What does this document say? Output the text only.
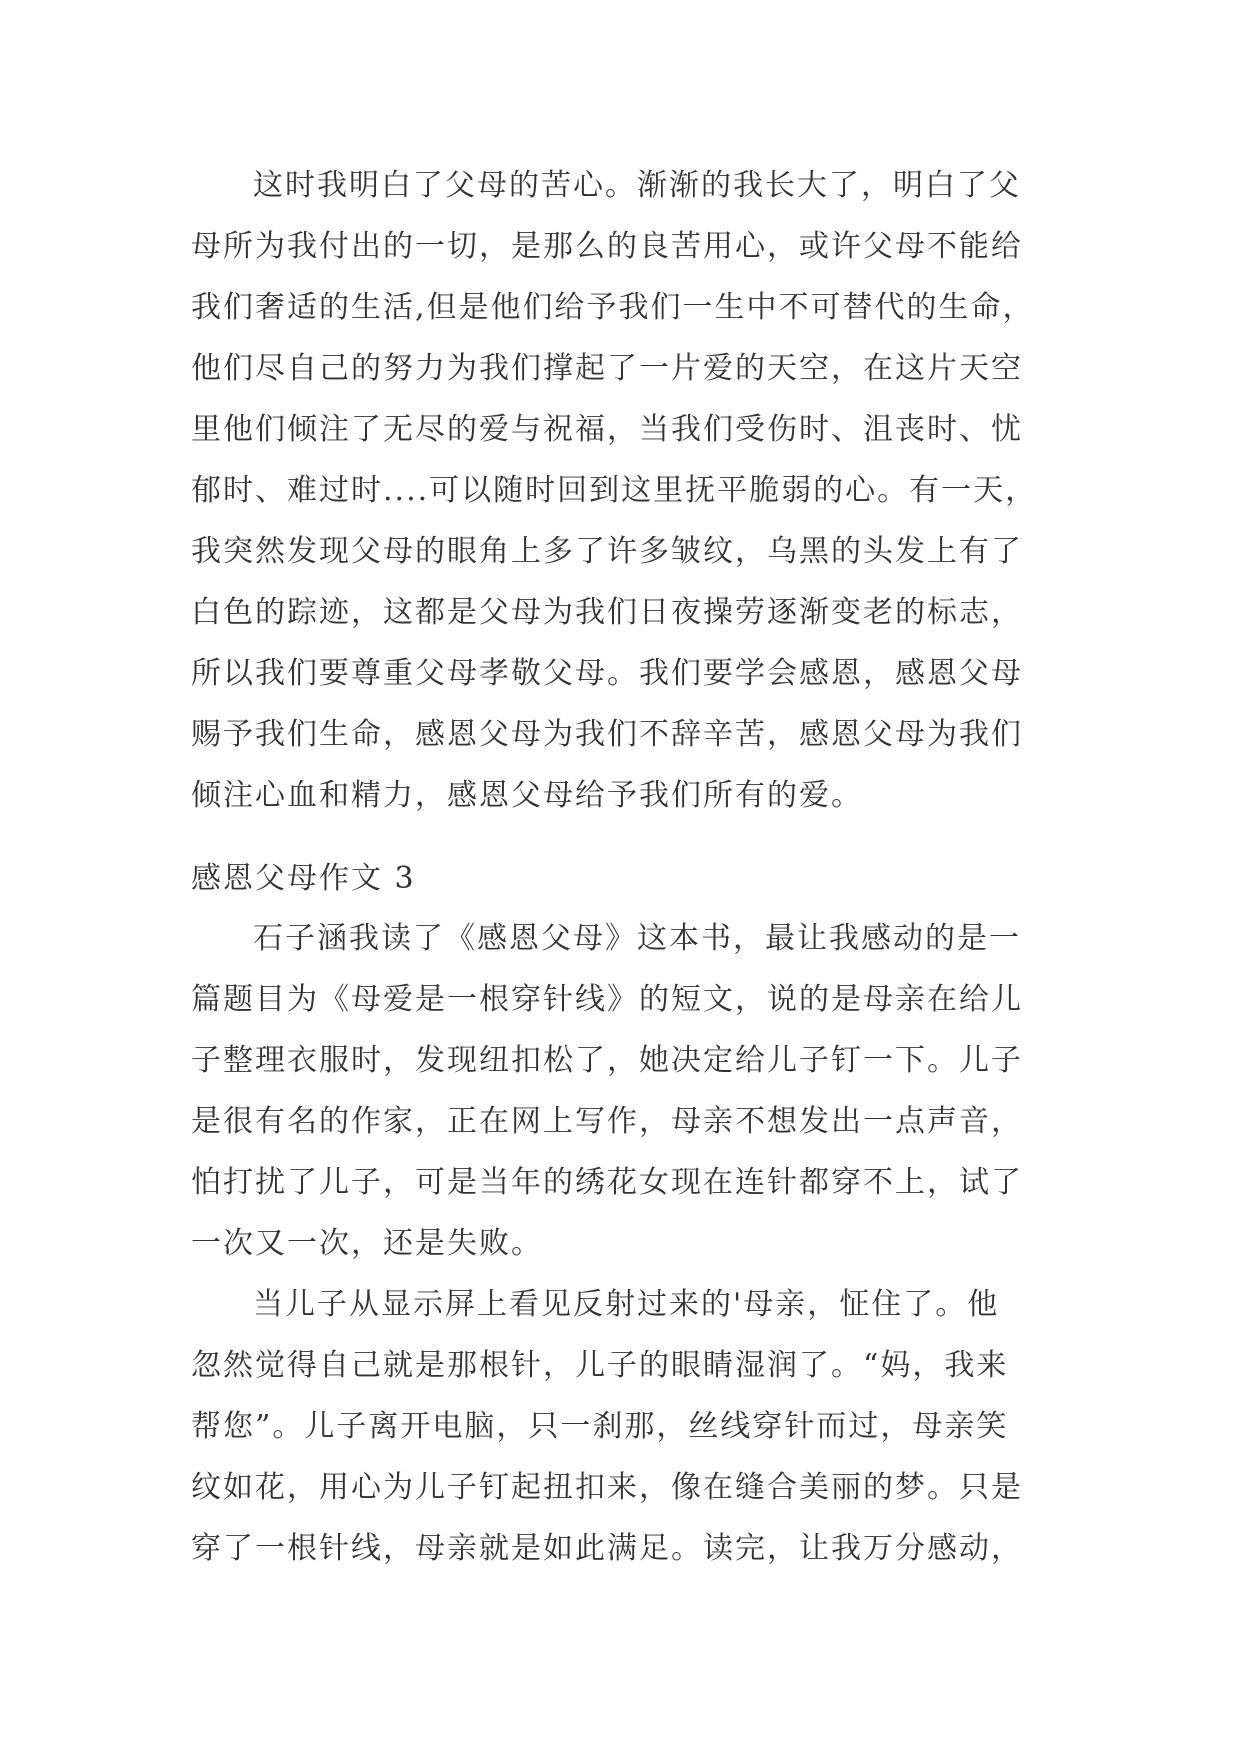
这时我明白了父母的苦心。渐渐的我长大了，明白了父
母所为我付出的一切，是那么的良苦用心，或许父母不能给
我们奢适的生活,但是他们给予我们一生中不可替代的生命，
他们尽自己的努力为我们撑起了一片爱的天空，在这片天空
里他们倾注了无尽的爱与祝福，当我们受伤时、沮丧时、忧
郁时、难过时....可以随时回到这里抚平脆弱的心。有一天，
我突然发现父母的眼角上多了许多皱纹，乌黑的头发上有了
白色的踪迹，这都是父母为我们日夜操劳逐渐变老的标志，
所以我们要尊重父母孝敬父母。我们要学会感恩，感恩父母
赐予我们生命，感恩父母为我们不辞辛苦，感恩父母为我们
倾注心血和精力，感恩父母给予我们所有的爱。
感恩父母作文 3
石子涵我读了《感恩父母》这本书，最让我感动的是一
篇题目为《母爱是一根穿针线》的短文，说的是母亲在给儿
子整理衣服时，发现纽扣松了，她决定给儿子钉一下。儿子
是很有名的作家，正在网上写作，母亲不想发出一点声音，
怕打扰了儿子，可是当年的绣花女现在连针都穿不上，试了
一次又一次，还是失败。
当儿子从显示屏上看见反射过来的'母亲，怔住了。他
忽然觉得自己就是那根针，儿子的眼睛湿润了。“妈，我来
帮您”。儿子离开电脑，只一刹那，丝线穿针而过，母亲笑
纹如花，用心为儿子钉起扭扣来，像在缝合美丽的梦。只是
穿了一根针线，母亲就是如此满足。读完，让我万分感动，
